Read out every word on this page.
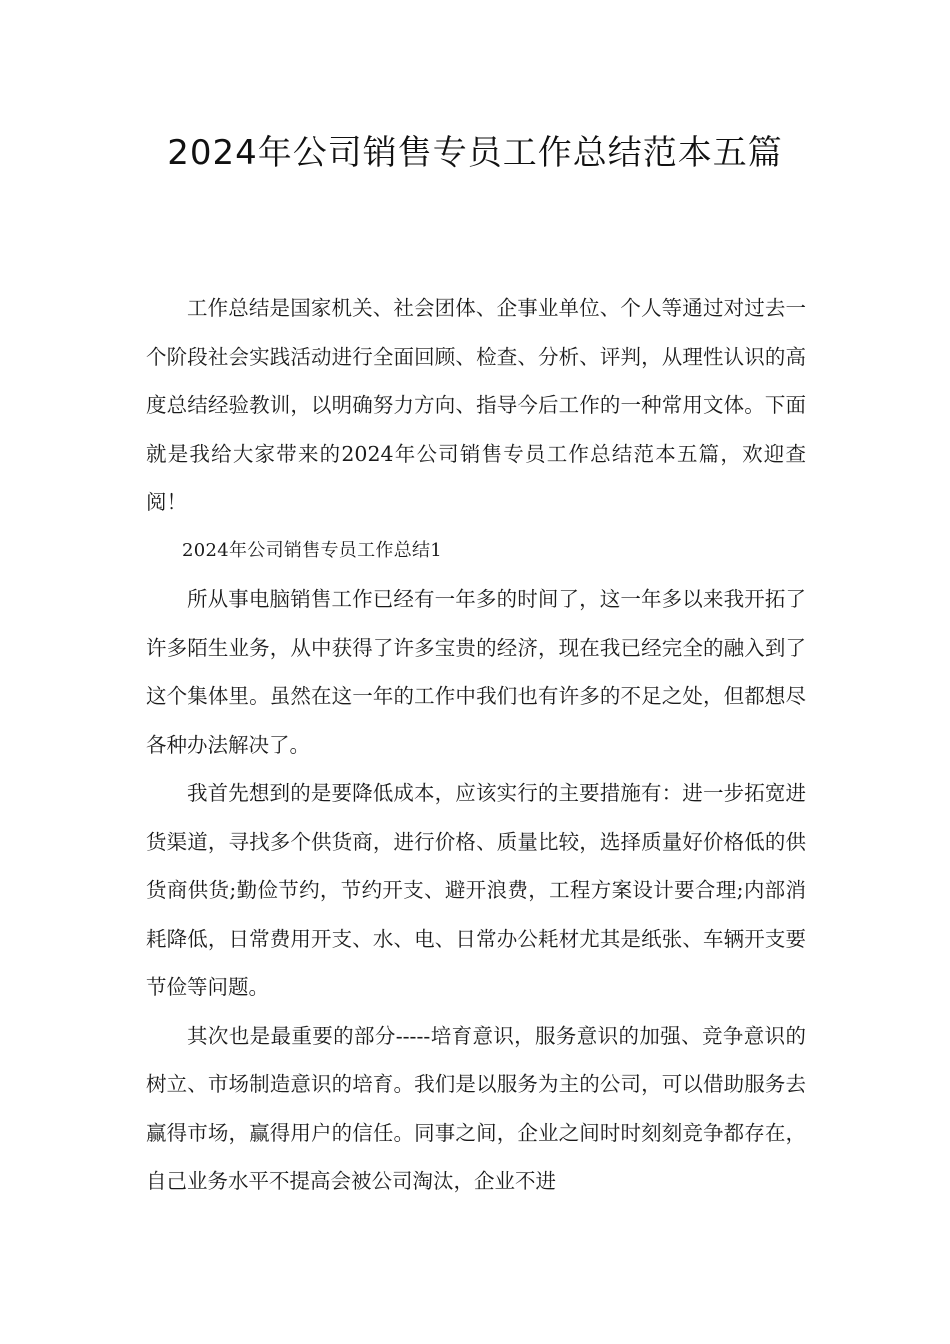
2024年公司销售专员工作总结范本五篇

工作总结是国家机关、社会团体、企事业单位、个人等通过对过去一个阶段社会实践活动进行全面回顾、检查、分析、评判，从理性认识的高度总结经验教训，以明确努力方向、指导今后工作的一种常用文体。下面就是我给大家带来的2024年公司销售专员工作总结范本五篇，欢迎查阅！

2024年公司销售专员工作总结1

所从事电脑销售工作已经有一年多的时间了，这一年多以来我开拓了许多陌生业务，从中获得了许多宝贵的经济，现在我已经完全的融入到了这个集体里。虽然在这一年的工作中我们也有许多的不足之处，但都想尽各种办法解决了。

我首先想到的是要降低成本，应该实行的主要措施有：进一步拓宽进货渠道，寻找多个供货商，进行价格、质量比较，选择质量好价格低的供货商供货;勤俭节约，节约开支、避开浪费，工程方案设计要合理;内部消耗降低，日常费用开支、水、电、日常办公耗材尤其是纸张、车辆开支要节俭等问题。

其次也是最重要的部分-----培育意识，服务意识的加强、竞争意识的树立、市场制造意识的培育。我们是以服务为主的公司，可以借助服务去赢得市场，赢得用户的信任。同事之间，企业之间时时刻刻竞争都存在，自己业务水平不提高会被公司淘汰，企业不进
